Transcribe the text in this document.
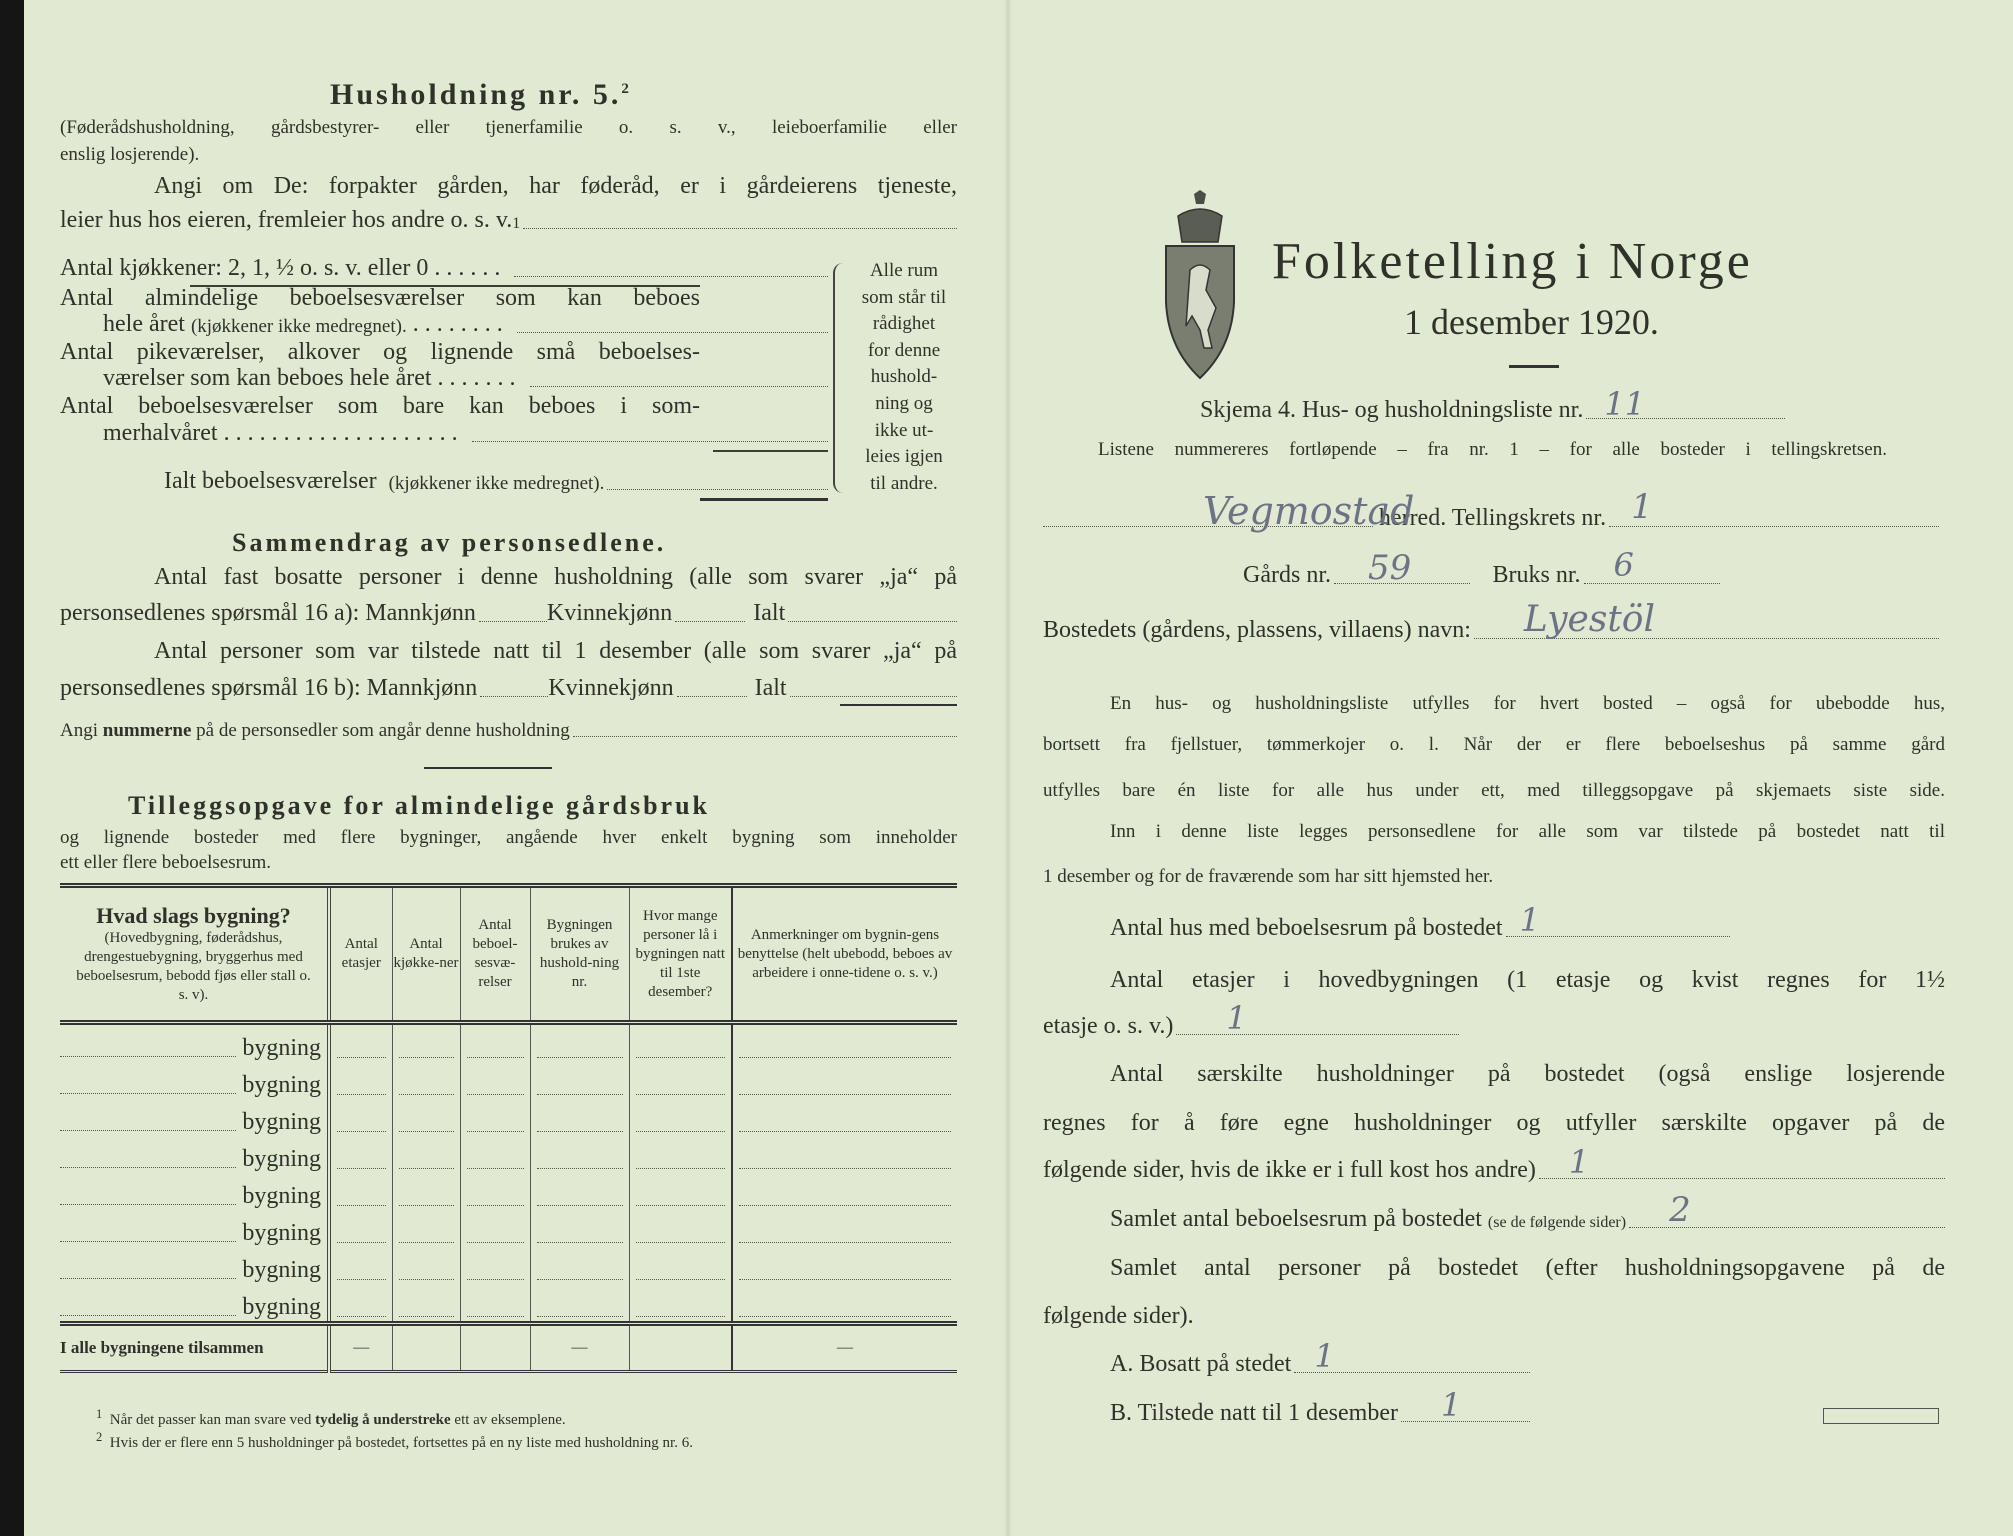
Husholdning nr. 5.$^2$
(Føderådshusholdning, gårdsbestyrer- eller tjenerfamilie o. s. v., leieboerfamilie eller
enslig losjerende).
Angi om De: forpakter gården, har føderåd, er i gårdeierens tjeneste,
leier hus hos eieren, fremleier hos andre o. s. v. 1
Antal kjøkkener: 2, 1, ½ o. s. v. eller 0 . . . . . .
Antal almindelige beboelsesværelser som kan beboes
hele året
(kjøkkener ikke medregnet).
. . . . . . . .
Antal pikeværelser, alkover og lignende små beboelses-
værelser som kan beboes hele året . . . . . . .
Antal beboelsesværelser som bare kan beboes i som-
merhalvåret . . . . . . . . . . . . . . . . . . . .
Ialt beboelsesværelser
(kjøkkener ikke medregnet).
Alle rum
som står til
rådighet
for denne
hushold-
ning og
ikke ut-
leies igjen
til andre.
Sammendrag av personsedlene.
Antal fast bosatte personer i denne husholdning (alle som svarer „ja“ på
personsedlenes spørsmål 16 a): Mannkjønn	Kvinnekjønn	Ialt
Antal personer som var tilstede natt til 1 desember (alle som svarer „ja“ på
personsedlenes spørsmål 16 b): Mannkjønn	Kvinnekjønn	Ialt
Angi
nummerne
på de personsedler som angår denne husholdning
Tilleggsopgave for almindelige gårdsbruk
og lignende bosteder med flere bygninger, angående hver enkelt bygning som inneholder
ett eller flere beboelsesrum.
Hvad slags bygning?
(Hovedbygning, føderådshus, drengestuebygning, bryggerhus med beboelsesrum, bebodd fjøs eller stall o. s. v).	Antal etasjer	Antal kjøkke-ner	Antal beboel-sesvæ-relser	Bygningen brukes av hushold-ning nr.	Hvor mange personer lå i bygningen natt til 1ste desember?	Anmerkninger om bygnin-gens benyttelse (helt ubebodd, beboes av arbeidere i onne-tidene o. s. v.)

bygning						

bygning						

bygning						

bygning						

bygning						

bygning						

bygning						

bygning						

I alle bygningene tilsammen	—			—		—
$^1$ Når det passer kan man svare ved tydelig å understreke ett av eksemplene.
$^2$ Hvis der er flere enn 5 husholdninger på bostedet, fortsettes på en ny liste med husholdning nr. 6.
Folketelling i Norge
1 desember 1920.
Skjema 4. Hus- og husholdningsliste nr. 11
Listene nummereres fortløpende – fra nr. 1 – for alle bosteder i tellingskretsen.
Vegmostad
herred. Tellingskrets nr. 1
Gårds nr. 59	Bruks nr. 6
Bostedets (gårdens, plassens, villaens) navn: Lyestöl
En hus- og husholdningsliste utfylles for hvert bosted – også for ubebodde hus,
bortsett fra fjellstuer, tømmerkojer o. l. Når der er flere beboelseshus på samme gård
utfylles bare én liste for alle hus under ett, med tilleggsopgave på skjemaets siste side.
Inn i denne liste legges personsedlene for alle som var tilstede på bostedet natt til
1 desember og for de fraværende som har sitt hjemsted her.
Antal hus med beboelsesrum på bostedet 1
Antal etasjer i hovedbygningen (1 etasje og kvist regnes for 1½
etasje o. s. v.) 1
Antal særskilte husholdninger på bostedet (også enslige losjerende
regnes for å føre egne husholdninger og utfyller særskilte opgaver på de
følgende sider, hvis de ikke er i full kost hos andre) 1
Samlet antal beboelsesrum på bostedet
(se de følgende sider) 2
Samlet antal personer på bostedet (efter husholdningsopgavene på de
følgende sider).
A. Bosatt på stedet 1
B. Tilstede natt til 1 desember 1
